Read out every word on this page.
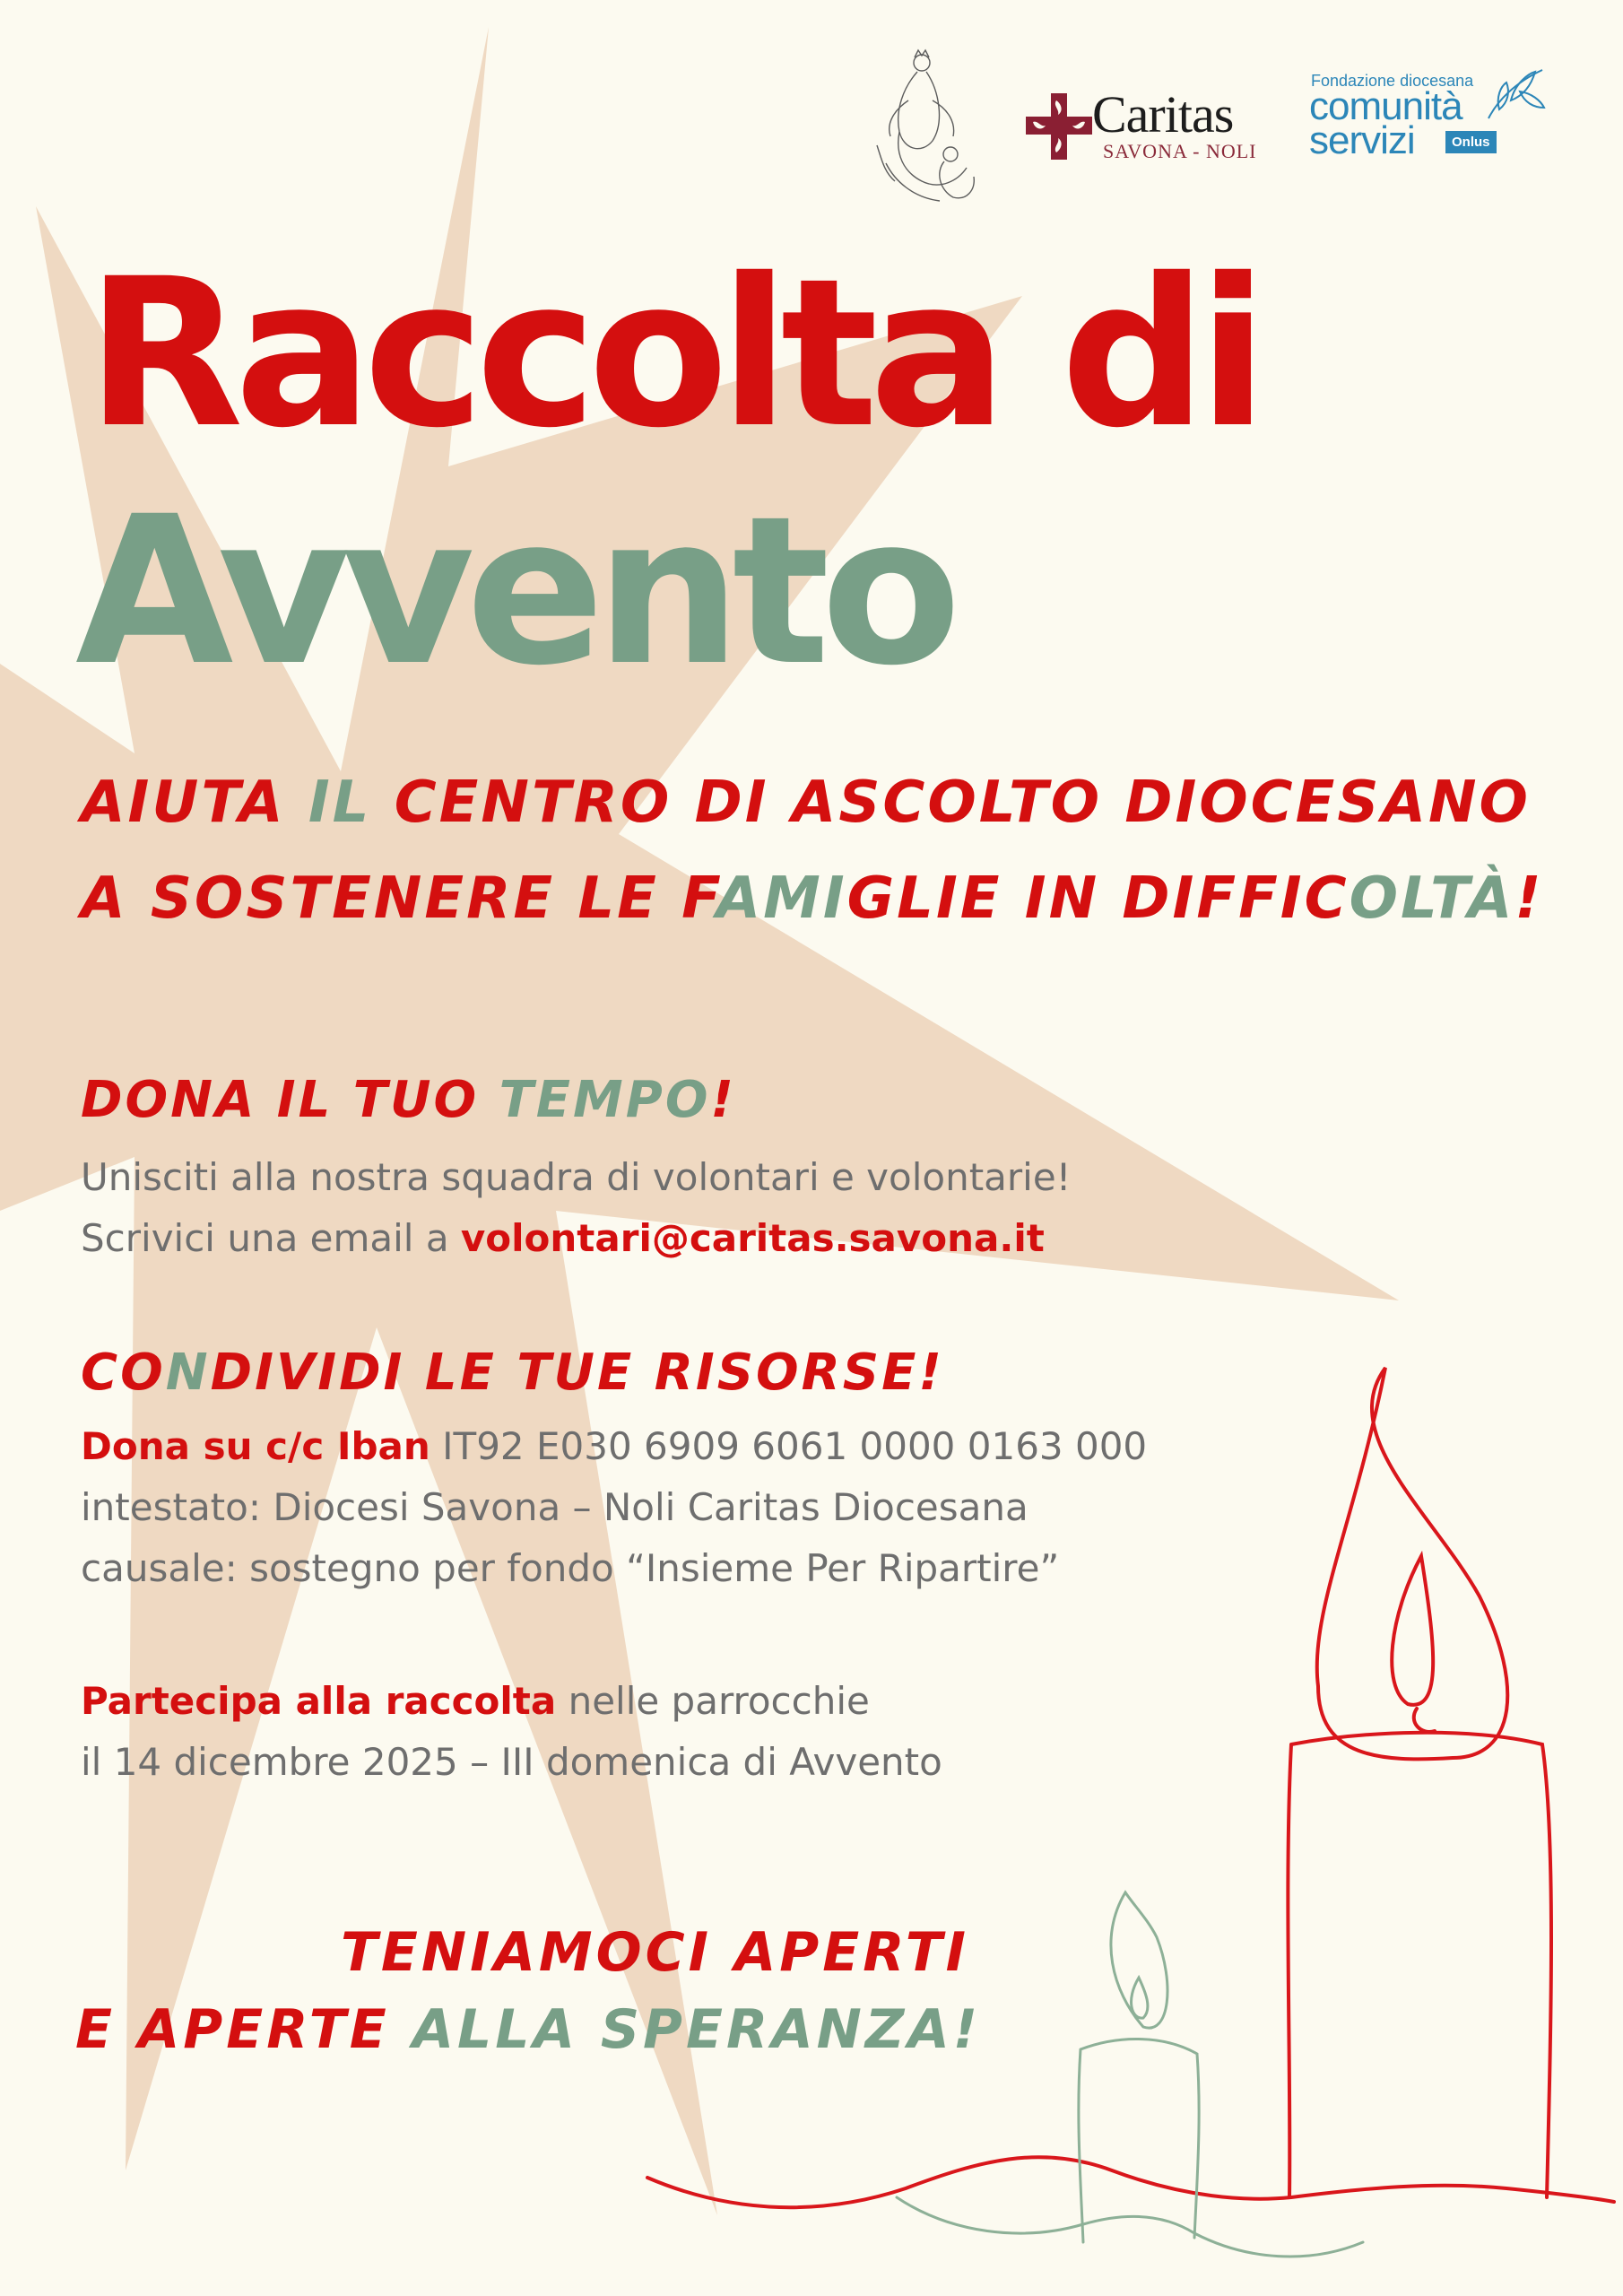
Caritas
SAVONA - NOLI
Fondazione diocesana
comunità
servizi	Onlus
Raccolta di
Avvento
AIUTA IL CENTRO DI ASCOLTO DIOCESANO
A SOSTENERE LE FAMIGLIE IN DIFFICOLTÀ!
DONA IL TUO TEMPO!
Unisciti alla nostra squadra di volontari e volontarie!
Scrivici una email a volontari@caritas.savona.it
CONDIVIDI LE TUE RISORSE!
Dona su c/c Iban IT92 E030 6909 6061 0000 0163 000
intestato: Diocesi Savona – Noli Caritas Diocesana
causale: sostegno per fondo “Insieme Per Ripartire”
Partecipa alla raccolta nelle parrocchie
il 14 dicembre 2025 – III domenica di Avvento
TENIAMOCI APERTI
E APERTE ALLA SPERANZA!
